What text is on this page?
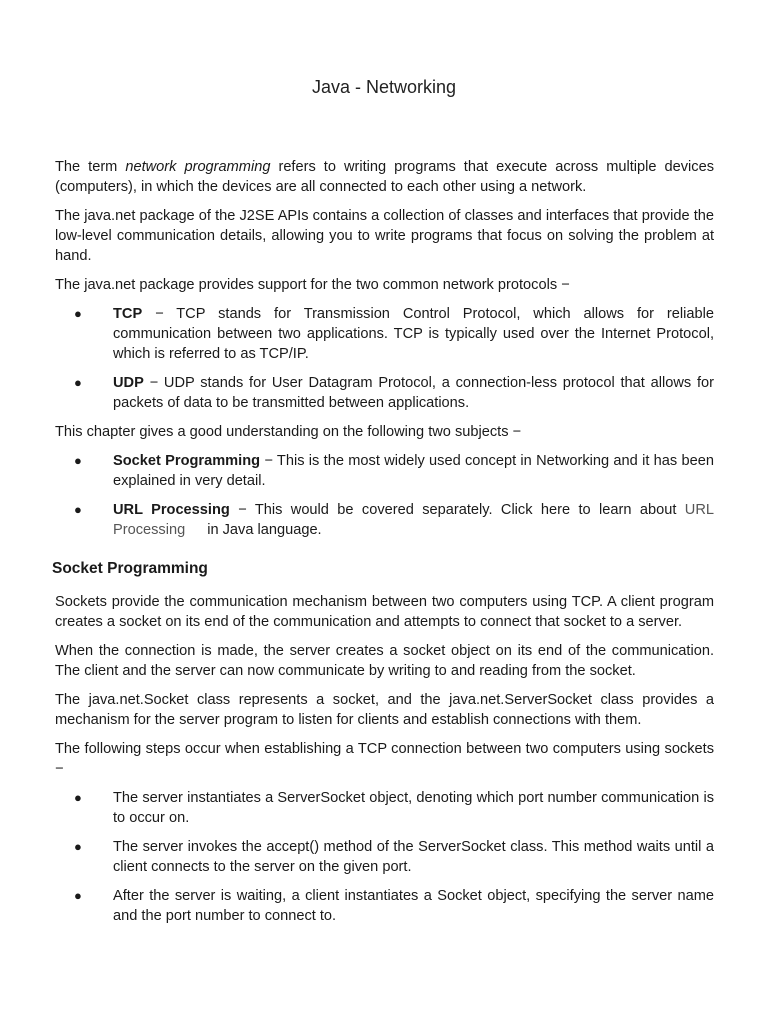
Java - Networking

The term network programming refers to writing programs that execute across multiple devices (computers), in which the devices are all connected to each other using a network.

The java.net package of the J2SE APIs contains a collection of classes and interfaces that provide the low-level communication details, allowing you to write programs that focus on solving the problem at hand.

The java.net package provides support for the two common network protocols −

● TCP − TCP stands for Transmission Control Protocol, which allows for reliable communication between two applications. TCP is typically used over the Internet Protocol, which is referred to as TCP/IP.
● UDP − UDP stands for User Datagram Protocol, a connection-less protocol that allows for packets of data to be transmitted between applications.

This chapter gives a good understanding on the following two subjects −

● Socket Programming − This is the most widely used concept in Networking and it has been explained in very detail.
● URL Processing − This would be covered separately. Click here to learn about URL Processing in Java language.
Socket Programming

Sockets provide the communication mechanism between two computers using TCP. A client program creates a socket on its end of the communication and attempts to connect that socket to a server.

When the connection is made, the server creates a socket object on its end of the communication. The client and the server can now communicate by writing to and reading from the socket.

The java.net.Socket class represents a socket, and the java.net.ServerSocket class provides a mechanism for the server program to listen for clients and establish connections with them.

The following steps occur when establishing a TCP connection between two computers using sockets −

● The server instantiates a ServerSocket object, denoting which port number communication is to occur on.
● The server invokes the accept() method of the ServerSocket class. This method waits until a client connects to the server on the given port.
● After the server is waiting, a client instantiates a Socket object, specifying the server name and the port number to connect to.
